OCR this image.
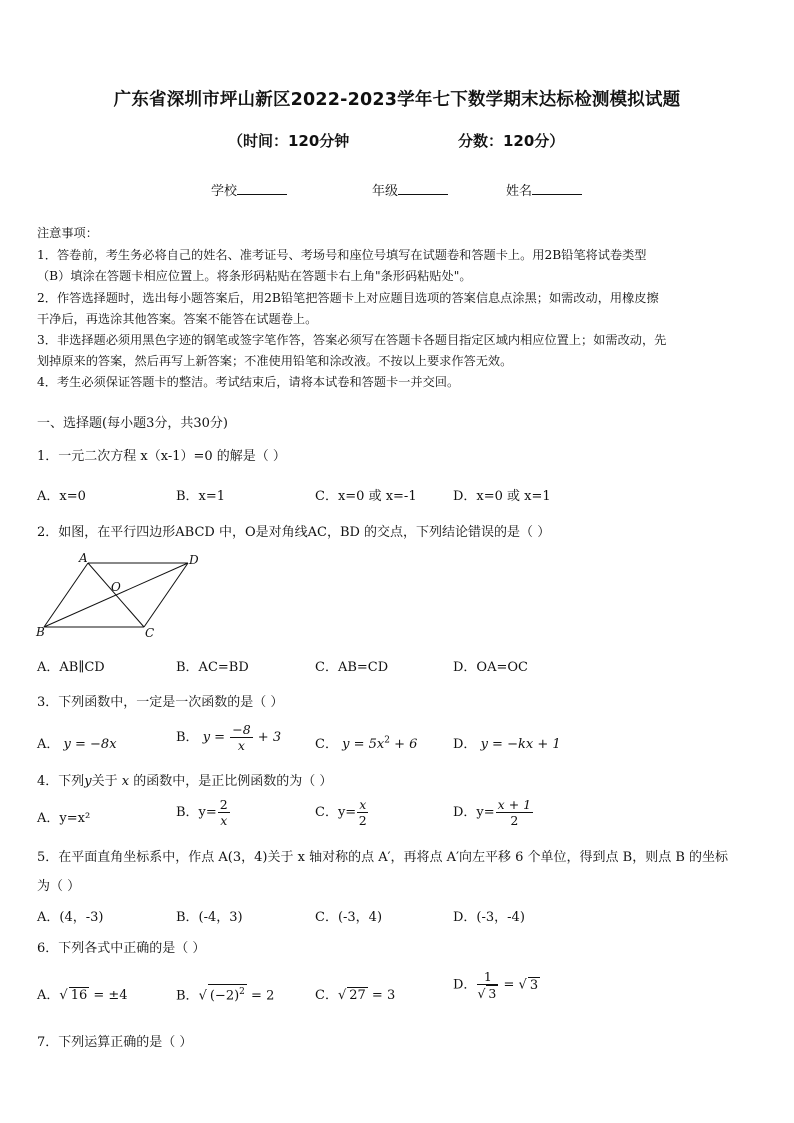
广东省深圳市坪山新区2022-2023学年七下数学期末达标检测模拟试题
（时间：120分钟	分数：120分）
学校	年级	姓名
注意事项：
1．答卷前，考生务必将自己的姓名、准考证号、考场号和座位号填写在试题卷和答题卡上。用2B铅笔将试卷类型
（B）填涂在答题卡相应位置上。将条形码粘贴在答题卡右上角"条形码粘贴处"。
2．作答选择题时，选出每小题答案后，用2B铅笔把答题卡上对应题目选项的答案信息点涂黑；如需改动，用橡皮擦
干净后，再选涂其他答案。答案不能答在试题卷上。
3．非选择题必须用黑色字迹的钢笔或签字笔作答，答案必须写在答题卡各题目指定区域内相应位置上；如需改动，先
划掉原来的答案，然后再写上新答案；不准使用铅笔和涂改液。不按以上要求作答无效。
4．考生必须保证答题卡的整洁。考试结束后，请将本试卷和答题卡一并交回。
一、选择题(每小题3分，共30分)
1．一元二次方程 x（x-1）=0 的解是（ ）
A．x=0	B．x=1	C．x=0 或 x=-1	D．x=0 或 x=1
2．如图，在平行四边形ABCD 中，O是对角线AC，BD 的交点，下列结论错误的是（ ）
A	D
B	C
O
A．AB∥CD	B．AC=BD	C．AB=CD	D．OA=OC
3．下列函数中，一定是一次函数的是（ ）
A． y = −8x	B． $y = \frac{-8}{x} + 3$	C． $y = 5x^2 + 6$	D． y = −kx + 1
4．下列y关于 x 的函数中，是正比例函数的为（ ）
A．y=x²	B．$y= \frac{2}{x}$	C．$y= \frac{x}{2}$	D．$y= \frac{x + 1}{2}$
5．在平面直角坐标系中，作点 A(3，4)关于 x 轴对称的点 A′，再将点 A′向左平移 6 个单位，得到点 B，则点 B 的坐标
为（ ）
A．(4，-3)	B．(-4，3)	C．(-3，4)	D．(-3，-4)
6．下列各式中正确的是（ ）
A．√ 16 = ±4	B．√ $(-2)^2 = 2$	C．√ 27 = 3
D． $\frac{1}{√ 3}$ = √ 3
7．下列运算正确的是（ ）
